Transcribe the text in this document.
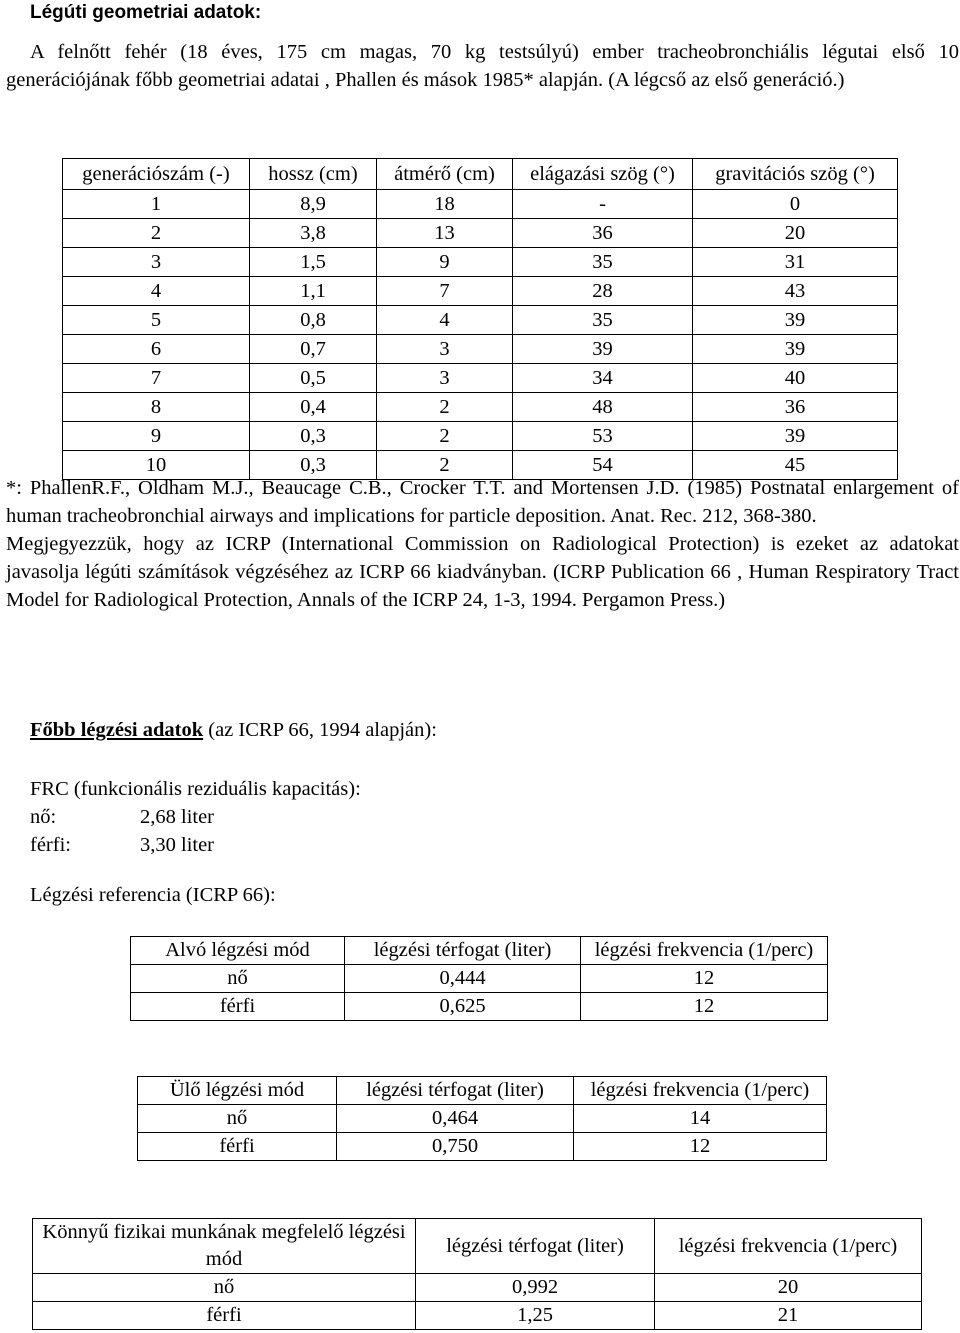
Légúti geometriai adatok:

A felnőtt fehér (18 éves, 175 cm magas, 70 kg testsúlyú) ember tracheobronchiális légutai első 10 generációjának főbb geometriai adatai , Phallen és mások 1985* alapján. (A légcső az első generáció.)

generációszám (-)	hossz (cm)	átmérő (cm)	elágazási szög (°)	gravitációs szög (°)
1	8,9	18	-	0
2	3,8	13	36	20
3	1,5	9	35	31
4	1,1	7	28	43
5	0,8	4	35	39
6	0,7	3	39	39
7	0,5	3	34	40
8	0,4	2	48	36
9	0,3	2	53	39
10	0,3	2	54	45

*: PhallenR.F., Oldham M.J., Beaucage C.B., Crocker T.T. and Mortensen J.D. (1985) Postnatal enlargement of human tracheobronchial airways and implications for particle deposition. Anat. Rec. 212, 368-380.

Megjegyezzük, hogy az ICRP (International Commission on Radiological Protection) is ezeket az adatokat javasolja légúti számítások végzéséhez az ICRP 66 kiadványban. (ICRP Publication 66 , Human Respiratory Tract Model for Radiological Protection, Annals of the ICRP 24, 1-3, 1994. Pergamon Press.)

Főbb légzési adatok (az ICRP 66, 1994 alapján):
FRC (funkcionális reziduális kapacitás):
nő:	2,68 liter
férfi:	3,30 liter
Légzési referencia (ICRP 66):
Alvó légzési mód	légzési térfogat (liter)	légzési frekvencia (1/perc)
nő	0,444	12
férfi	0,625	12
Ülő légzési mód	légzési térfogat (liter)	légzési frekvencia (1/perc)
nő	0,464	14
férfi	0,750	12
Könnyű fizikai munkának megfelelő légzési mód	légzési térfogat (liter)	légzési frekvencia (1/perc)
nő	0,992	20
férfi	1,25	21
